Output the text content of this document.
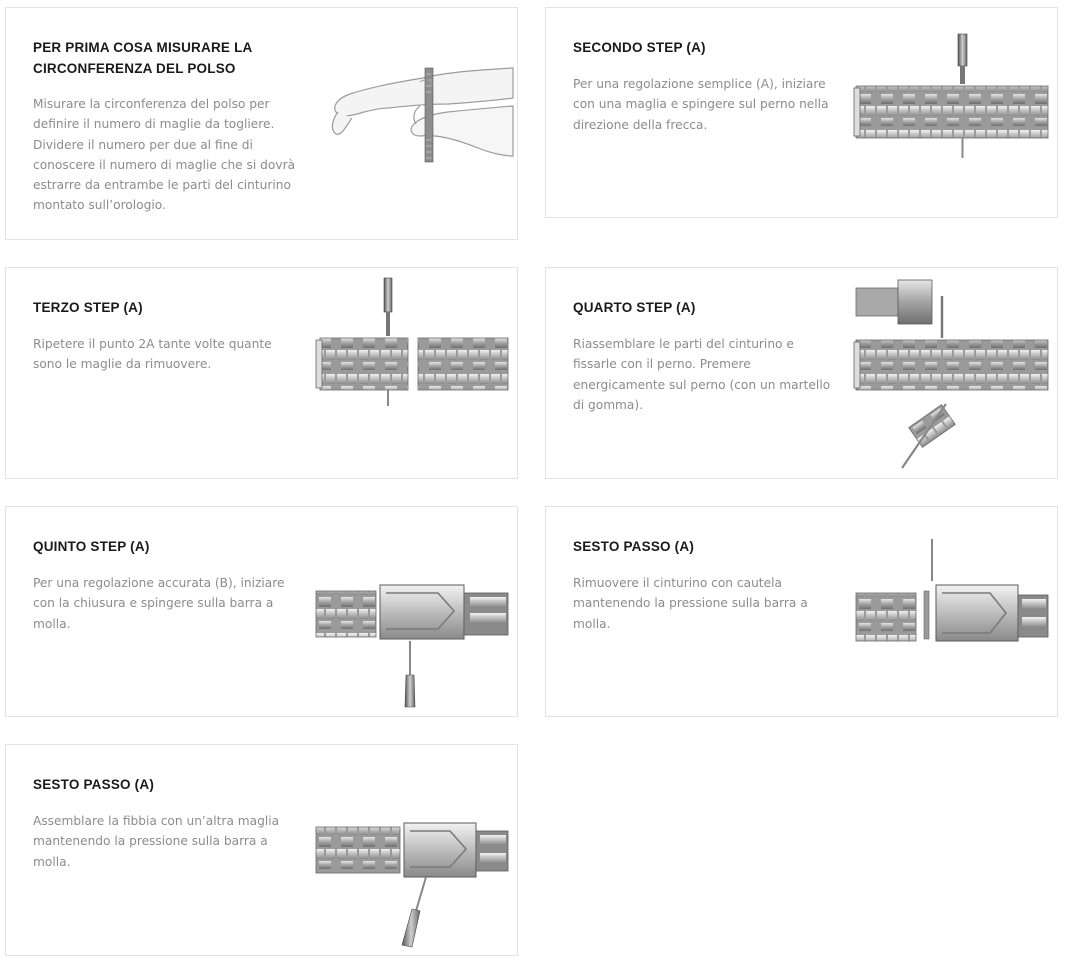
PER PRIMA COSA MISURARE LA CIRCONFERENZA DEL POLSO
Misurare la circonferenza del polso per definire il numero di maglie da togliere. Dividere il numero per due al fine di conoscere il numero di maglie che si dovrà estrarre da entrambe le parti del cinturino montato sull’orologio.
SECONDO STEP (A)
Per una regolazione semplice (A), iniziare con una maglia e spingere sul perno nella direzione della frecca.
TERZO STEP (A)
Ripetere il punto 2A tante volte quante sono le maglie da rimuovere.
QUARTO STEP (A)
Riassemblare le parti del cinturino e fissarle con il perno. Premere energicamente sul perno (con un martello di gomma).
QUINTO STEP (A)
Per una regolazione accurata (B), iniziare con la chiusura e spingere sulla barra a molla.
SESTO PASSO (A)
Rimuovere il cinturino con cautela mantenendo la pressione sulla barra a molla.
SESTO PASSO (A)
Assemblare la fibbia con un’altra maglia mantenendo la pressione sulla barra a molla.
